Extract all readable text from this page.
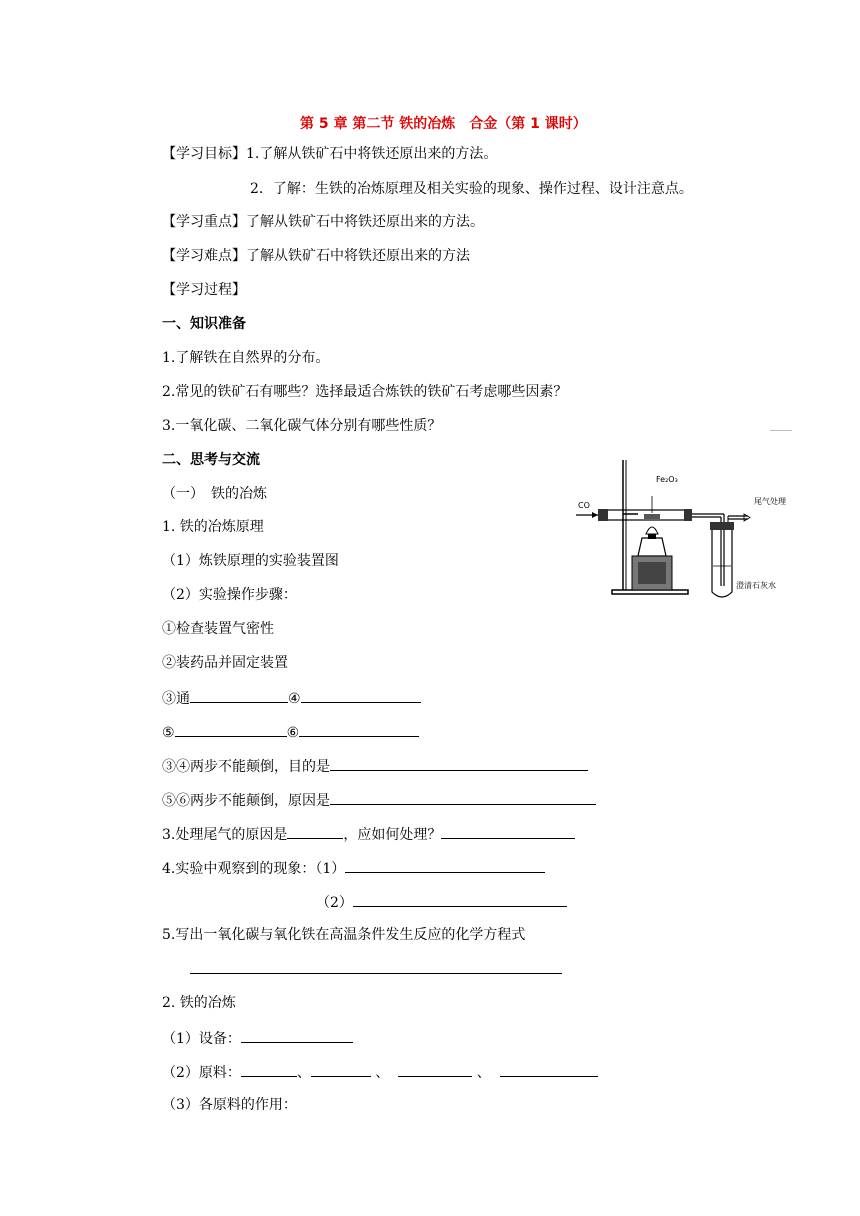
第 5 章 第二节 铁的冶炼　合金（第 1 课时）
【学习目标】1.了解从铁矿石中将铁还原出来的方法。
2．了解：生铁的冶炼原理及相关实验的现象、操作过程、设计注意点。
【学习重点】了解从铁矿石中将铁还原出来的方法。
【学习难点】了解从铁矿石中将铁还原出来的方法
【学习过程】
一、知识准备
1.了解铁在自然界的分布。
2.常见的铁矿石有哪些？选择最适合炼铁的铁矿石考虑哪些因素？
3.一氧化碳、二氧化碳气体分别有哪些性质？
二、思考与交流
（一）　铁的冶炼
1. 铁的冶炼原理
（1）炼铁原理的实验装置图
（2）实验操作步骤：
CO
Fe₂O₃
尾气处理
澄清石灰水
①检查装置气密性
②装药品并固定装置
③通	④
⑤	⑥
③④两步不能颠倒，目的是
⑤⑥两步不能颠倒，原因是
3.处理尾气的原因是	，应如何处理？
4.实验中观察到的现象：（1）
（2）
5.写出一氧化碳与氧化铁在高温条件发生反应的化学方程式
2. 铁的冶炼
（1）设备：
（2）原料：	、	、	、
（3）各原料的作用：
